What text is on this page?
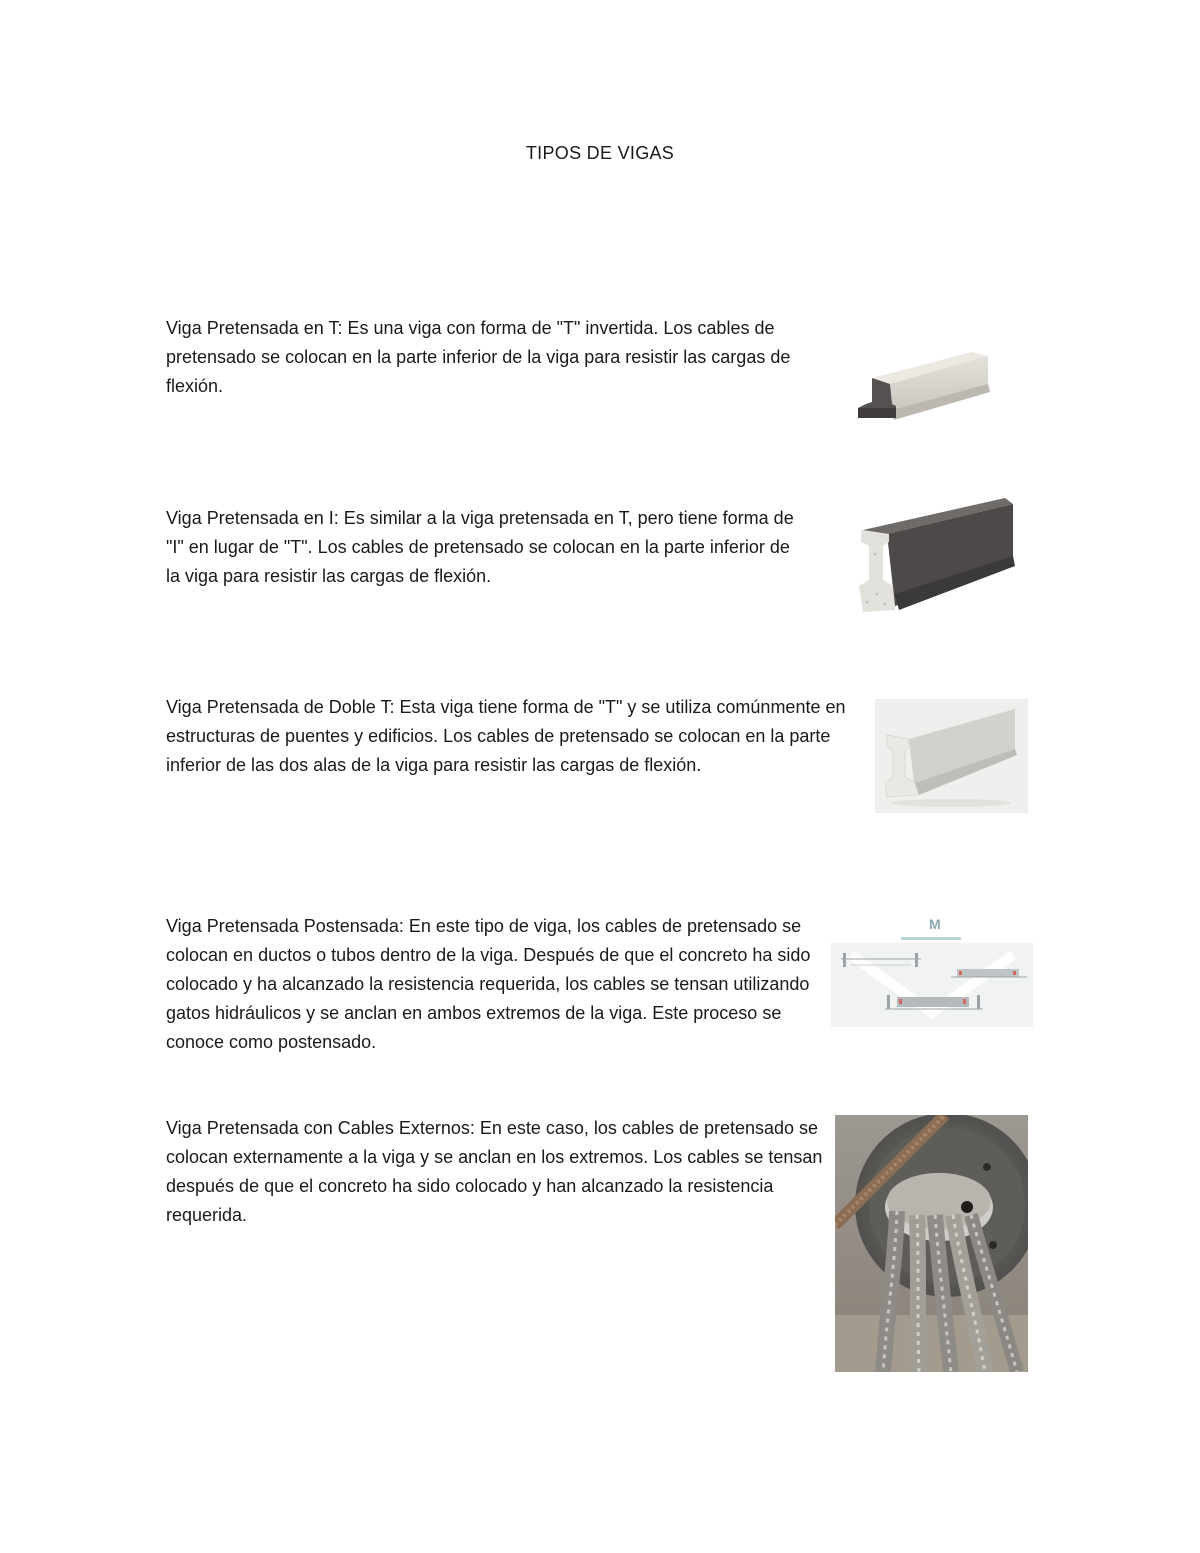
TIPOS DE VIGAS

Viga Pretensada en T: Es una viga con forma de "T" invertida. Los cables de pretensado se colocan en la parte inferior de la viga para resistir las cargas de flexión.

Viga Pretensada en I: Es similar a la viga pretensada en T, pero tiene forma de "I" en lugar de "T". Los cables de pretensado se colocan en la parte inferior de la viga para resistir las cargas de flexión.

Viga Pretensada de Doble T: Esta viga tiene forma de "T" y se utiliza comúnmente en estructuras de puentes y edificios. Los cables de pretensado se colocan en la parte inferior de las dos alas de la viga para resistir las cargas de flexión.

Viga Pretensada Postensada: En este tipo de viga, los cables de pretensado se colocan en ductos o tubos dentro de la viga. Después de que el concreto ha sido colocado y ha alcanzado la resistencia requerida, los cables se tensan utilizando gatos hidráulicos y se anclan en ambos extremos de la viga. Este proceso se conoce como postensado.

M

Viga Pretensada con Cables Externos: En este caso, los cables de pretensado se colocan externamente a la viga y se anclan en los extremos. Los cables se tensan después de que el concreto ha sido colocado y han alcanzado la resistencia requerida.
